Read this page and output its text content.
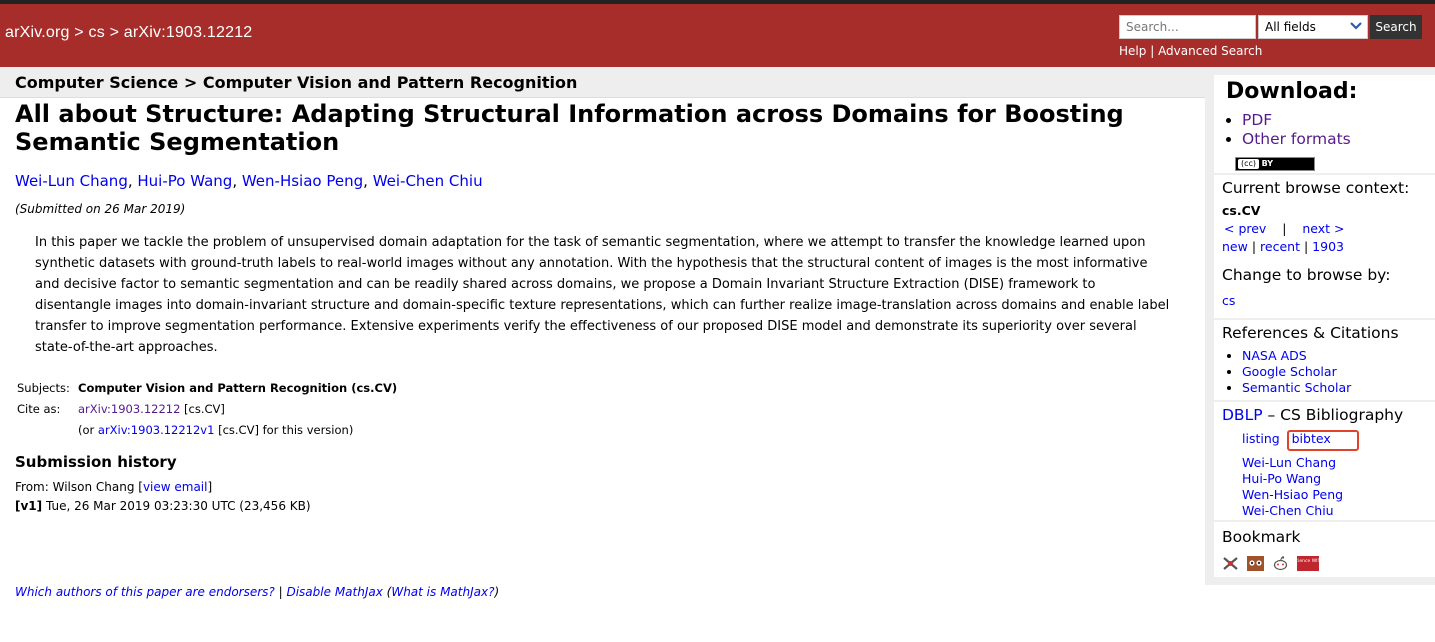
arXiv.org > cs > arXiv:1903.12212	Search...	All fields	Search
Help | Advanced Search
Computer Science > Computer Vision and Pattern Recognition
All about Structure: Adapting Structural Information across Domains for Boosting Semantic Segmentation
Wei-Lun Chang, Hui-Po Wang, Wen-Hsiao Peng, Wei-Chen Chiu
(Submitted on 26 Mar 2019)
In this paper we tackle the problem of unsupervised domain adaptation for the task of semantic segmentation, where we attempt to transfer the knowledge learned upon synthetic datasets with ground-truth labels to real-world images without any annotation. With the hypothesis that the structural content of images is the most informative and decisive factor to semantic segmentation and can be readily shared across domains, we propose a Domain Invariant Structure Extraction (DISE) framework to disentangle images into domain-invariant structure and domain-specific texture representations, which can further realize image-translation across domains and enable label transfer to improve segmentation performance. Extensive experiments verify the effectiveness of our proposed DISE model and demonstrate its superiority over several state-of-the-art approaches.
Subjects: Computer Vision and Pattern Recognition (cs.CV)
Cite as:	arXiv:1903.12212 [cs.CV]
(or arXiv:1903.12212v1 [cs.CV] for this version)
Submission history
From: Wilson Chang [view email]
[v1] Tue, 26 Mar 2019 03:23:30 UTC (23,456 KB)
Which authors of this paper are endorsers? | Disable MathJax (What is MathJax?)
Download:
• PDF
• Other formats
(cc) BY
Current browse context:
cs.CV
< prev | next >
new | recent | 1903
Change to browse by:
cs
References & Citations
• NASA ADS
• Google Scholar
• Semantic Scholar
DBLP – CS Bibliography
listing bibtex
Wei-Lun Chang
Hui-Po Wang
Wen-Hsiao Peng
Wei-Chen Chiu
Bookmark

Science WISE
